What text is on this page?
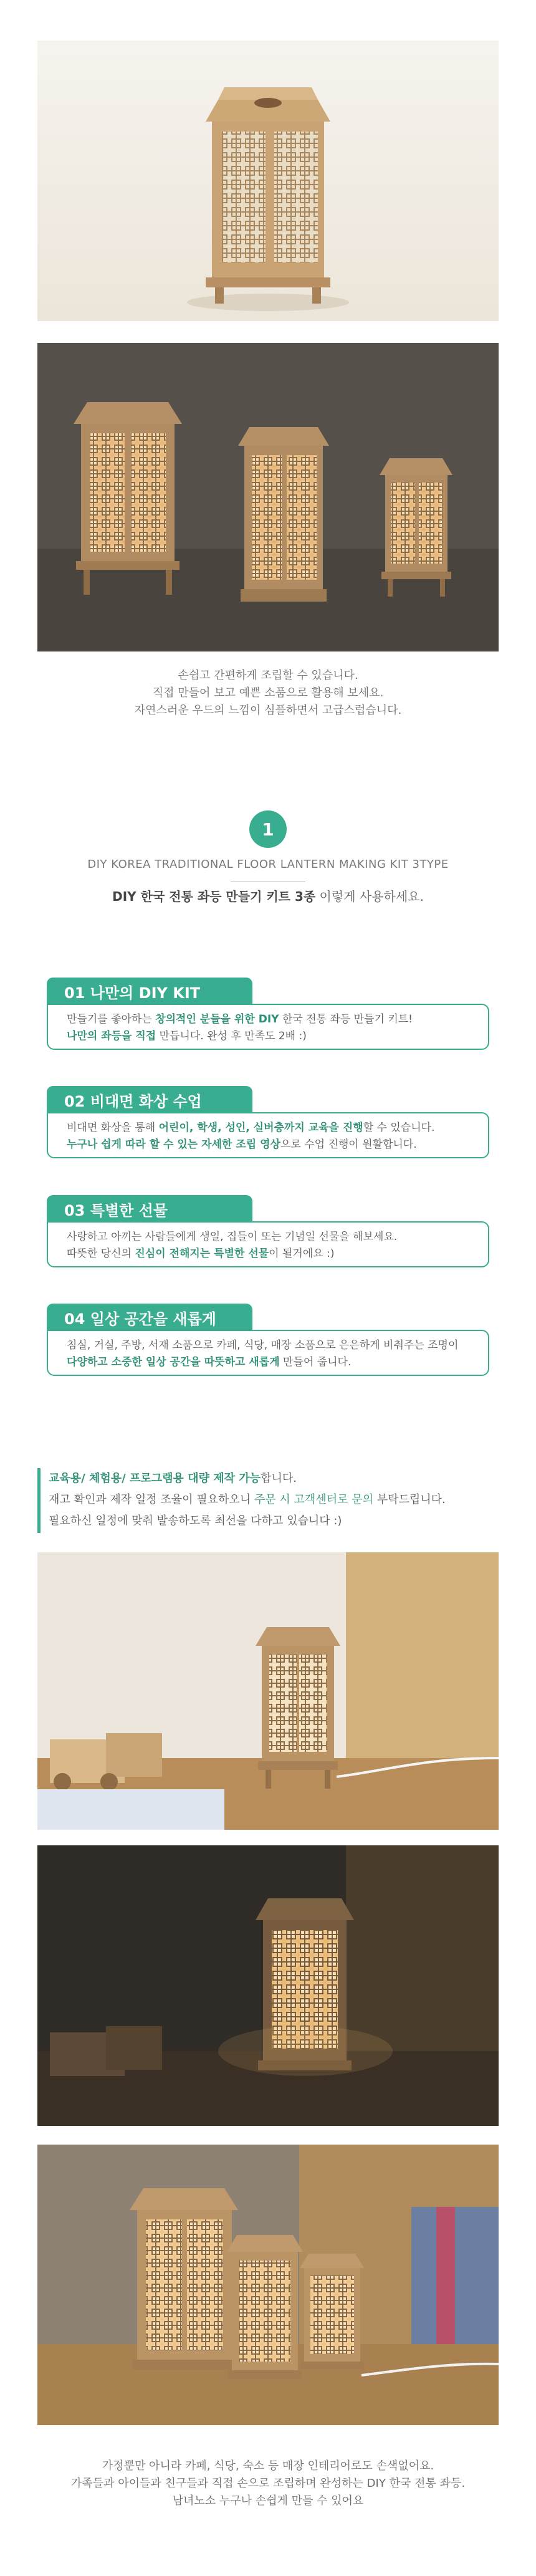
손쉽고 간편하게 조립할 수 있습니다.
직접 만들어 보고 예쁜 소품으로 활용해 보세요.
자연스러운 우드의 느낌이 심플하면서 고급스럽습니다.
1
DIY KOREA TRADITIONAL FLOOR LANTERN MAKING KIT 3TYPE
DIY 한국 전통 좌등 만들기 키트 3종 이렇게 사용하세요.
01 나만의 DIY KIT
만들기를 좋아하는 창의적인 분들을 위한 DIY 한국 전통 좌등 만들기 키트!
나만의 좌등을 직접 만듭니다. 완성 후 만족도 2배 :)
02 비대면 화상 수업
비대면 화상을 통해 어린이, 학생, 성인, 실버층까지 교육을 진행할 수 있습니다.
누구나 쉽게 따라 할 수 있는 자세한 조립 영상으로 수업 진행이 원활합니다.
03 특별한 선물
사랑하고 아끼는 사람들에게 생일, 집들이 또는 기념일 선물을 해보세요.
따뜻한 당신의 진심이 전해지는 특별한 선물이 될거에요 :)
04 일상 공간을 새롭게
침실, 거실, 주방, 서재 소품으로 카페, 식당, 매장 소품으로 은은하게 비춰주는 조명이
다양하고 소중한 일상 공간을 따뜻하고 새롭게 만들어 줍니다.
교육용/ 체험용/ 프로그램용 대량 제작 가능합니다.
재고 확인과 제작 일정 조율이 필요하오니 주문 시 고객센터로 문의 부탁드립니다.
필요하신 일정에 맞춰 발송하도록 최선을 다하고 있습니다 :)
가정뿐만 아니라 카페, 식당, 숙소 등 매장 인테리어로도 손색없어요.
가족들과 아이들과 친구들과 직접 손으로 조립하며 완성하는 DIY 한국 전통 좌등.
남녀노소 누구나 손쉽게 만들 수 있어요
